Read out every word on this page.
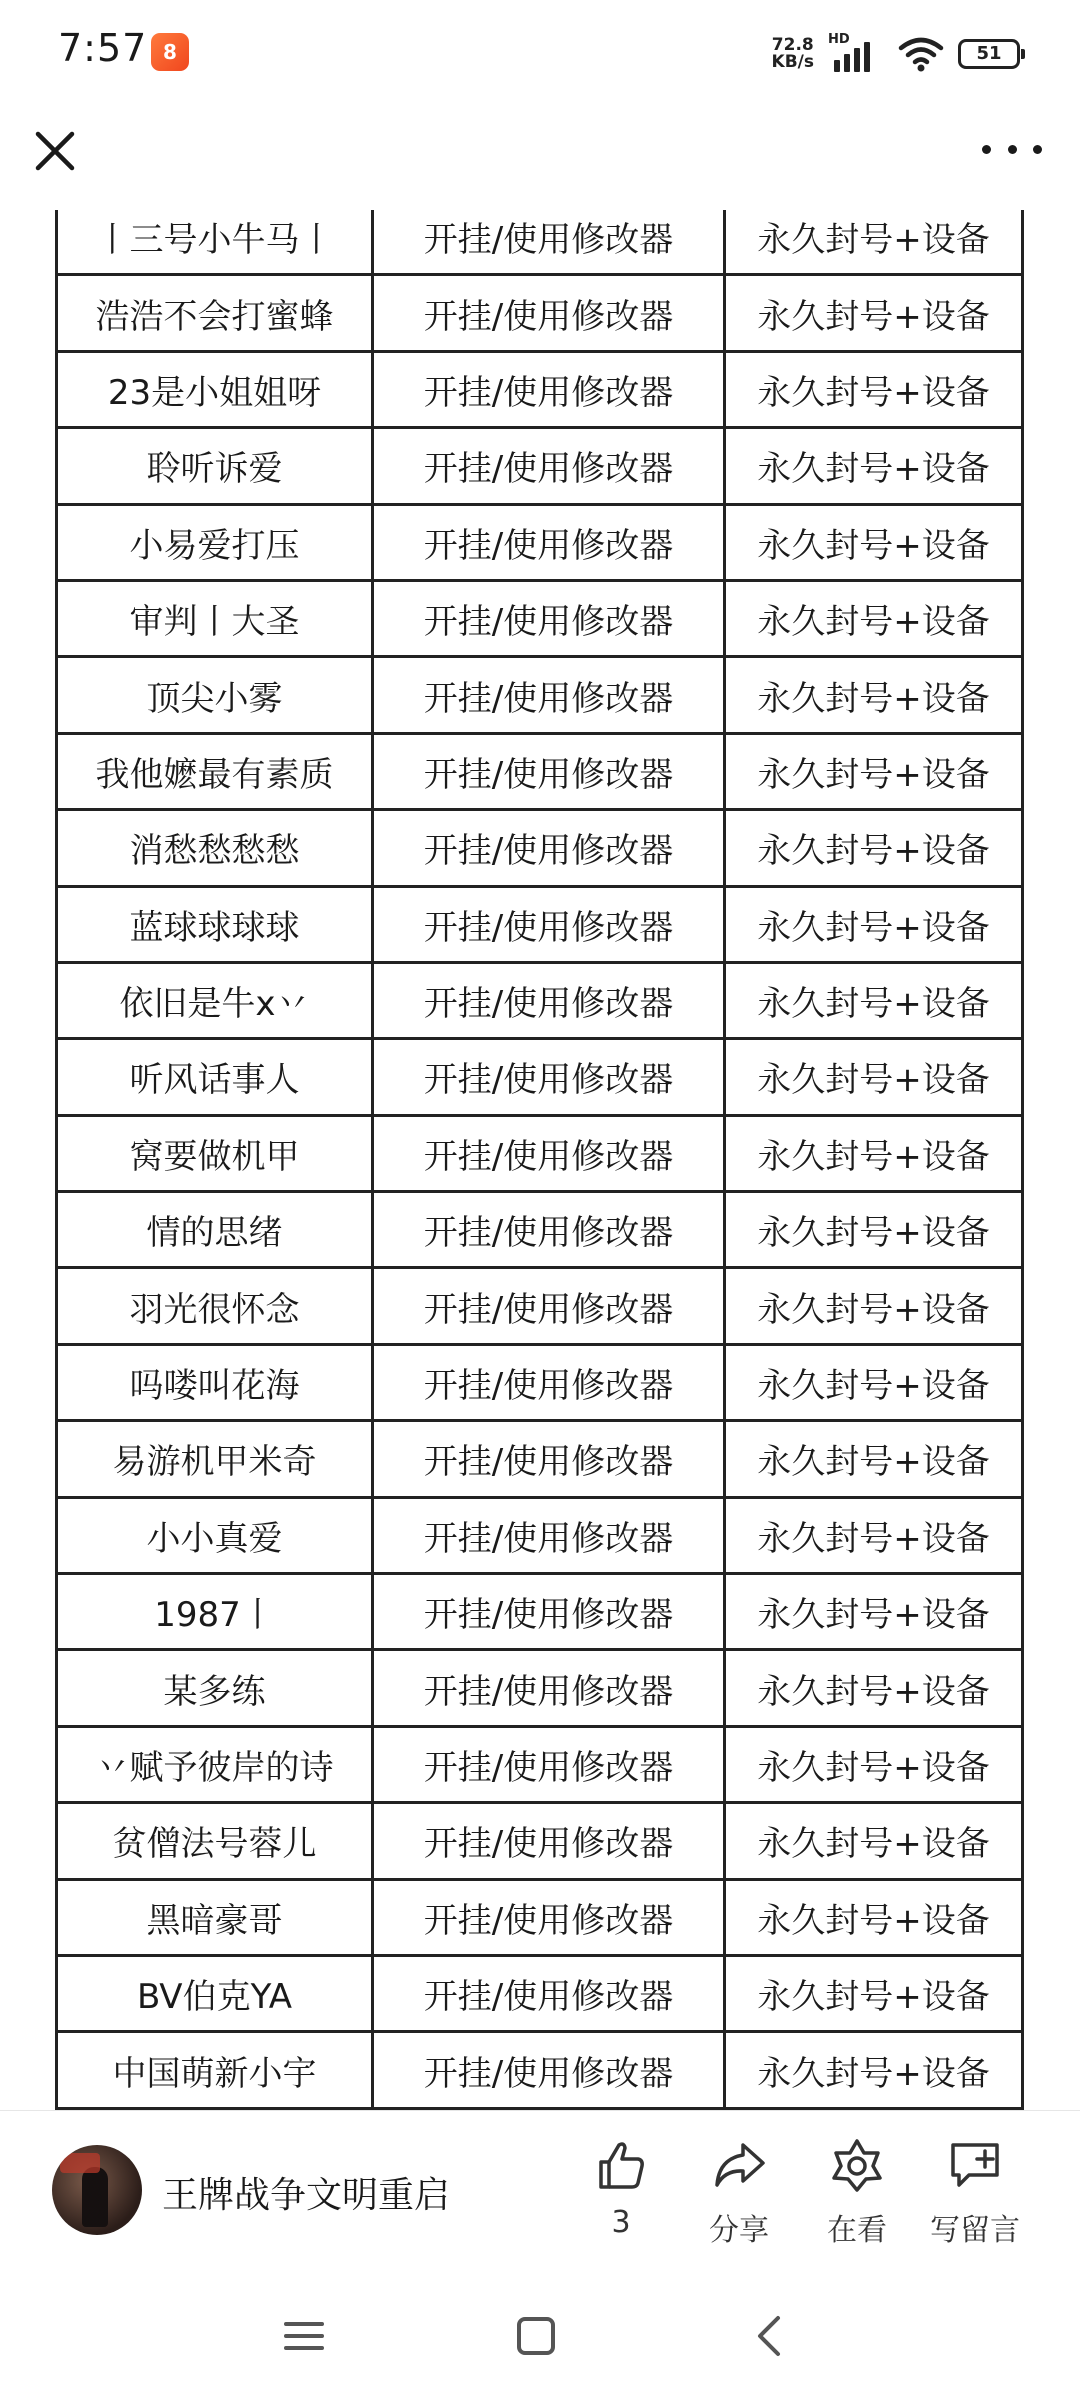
7:57 8	72.8
KB/s
HD
51
丨三号小牛马丨	开挂/使用修改器	永久封号+设备
浩浩不会打蜜蜂	开挂/使用修改器	永久封号+设备
23是小姐姐呀	开挂/使用修改器	永久封号+设备
聆听诉爱	开挂/使用修改器	永久封号+设备
小易爱打压	开挂/使用修改器	永久封号+设备
审判丨大圣	开挂/使用修改器	永久封号+设备
顶尖小雾	开挂/使用修改器	永久封号+设备
我他嬷最有素质	开挂/使用修改器	永久封号+设备
消愁愁愁愁	开挂/使用修改器	永久封号+设备
蓝球球球球	开挂/使用修改器	永久封号+设备
依旧是牛x丷	开挂/使用修改器	永久封号+设备
听风话事人	开挂/使用修改器	永久封号+设备
窝要做机甲	开挂/使用修改器	永久封号+设备
情的思绪	开挂/使用修改器	永久封号+设备
羽光很怀念	开挂/使用修改器	永久封号+设备
吗喽叫花海	开挂/使用修改器	永久封号+设备
易游机甲米奇	开挂/使用修改器	永久封号+设备
小小真爱	开挂/使用修改器	永久封号+设备
1987丨	开挂/使用修改器	永久封号+设备
某多练	开挂/使用修改器	永久封号+设备
丷赋予彼岸的诗	开挂/使用修改器	永久封号+设备
贫僧法号蓉儿	开挂/使用修改器	永久封号+设备
黑暗豪哥	开挂/使用修改器	永久封号+设备
BV伯克YA	开挂/使用修改器	永久封号+设备
中国萌新小宇	开挂/使用修改器	永久封号+设备
王牌战争文明重启
3	分享 在看 写留言
